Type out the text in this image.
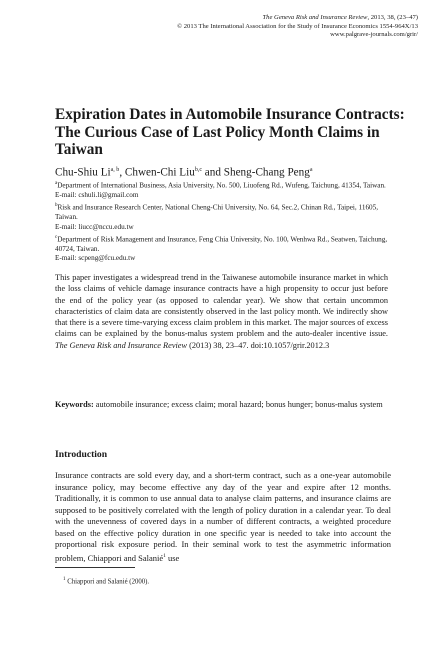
The Geneva Risk and Insurance Review, 2013, 38, (23–47)
© 2013 The International Association for the Study of Insurance Economics 1554-964X/13
www.palgrave-journals.com/grir/
Expiration Dates in Automobile Insurance Contracts: The Curious Case of Last Policy Month Claims in Taiwan
Chu-Shiu Li$^{a, b}$, Chwen-Chi Liu$^{b,c}$ and Sheng-Chang Peng$^a$
$^a$Department of International Business, Asia University, No. 500, Liuofeng Rd., Wufeng, Taichung, 41354, Taiwan.
E-mail: cshuli.li@gmail.com
$^b$Risk and Insurance Research Center, National Cheng-Chi University, No. 64, Sec.2, Chinan Rd., Taipei, 11605, Taiwan.
E-mail: liucc@nccu.edu.tw
$^c$Department of Risk Management and Insurance, Feng Chia University, No. 100, Wenhwa Rd., Seatwen, Taichung, 40724, Taiwan.
E-mail: scpeng@fcu.edu.tw

This paper investigates a widespread trend in the Taiwanese automobile insurance market in which the loss claims of vehicle damage insurance contracts have a high propensity to occur just before the end of the policy year (as opposed to calendar year). We show that certain uncommon characteristics of claim data are consistently observed in the last policy month. We indirectly show that there is a severe time-varying excess claim problem in this market. The major sources of excess claims can be explained by the bonus-malus system problem and the auto-dealer incentive issue. The Geneva Risk and Insurance Review (2013) 38, 23–47. doi:10.1057/grir.2012.3

Keywords: automobile insurance; excess claim; moral hazard; bonus hunger; bonus-malus system
Introduction

Insurance contracts are sold every day, and a short-term contract, such as a one-year automobile insurance policy, may become effective any day of the year and expire after 12 months. Traditionally, it is common to use annual data to analyse claim patterns, and insurance claims are supposed to be positively correlated with the length of policy duration in a calendar year. To deal with the unevenness of covered days in a number of different contracts, a weighted procedure based on the effective policy duration in one specific year is needed to take into account the proportional risk exposure period. In their seminal work to test the asymmetric information problem, Chiappori and Salanié$^1$ use

$^1$ Chiappori and Salanié (2000).
